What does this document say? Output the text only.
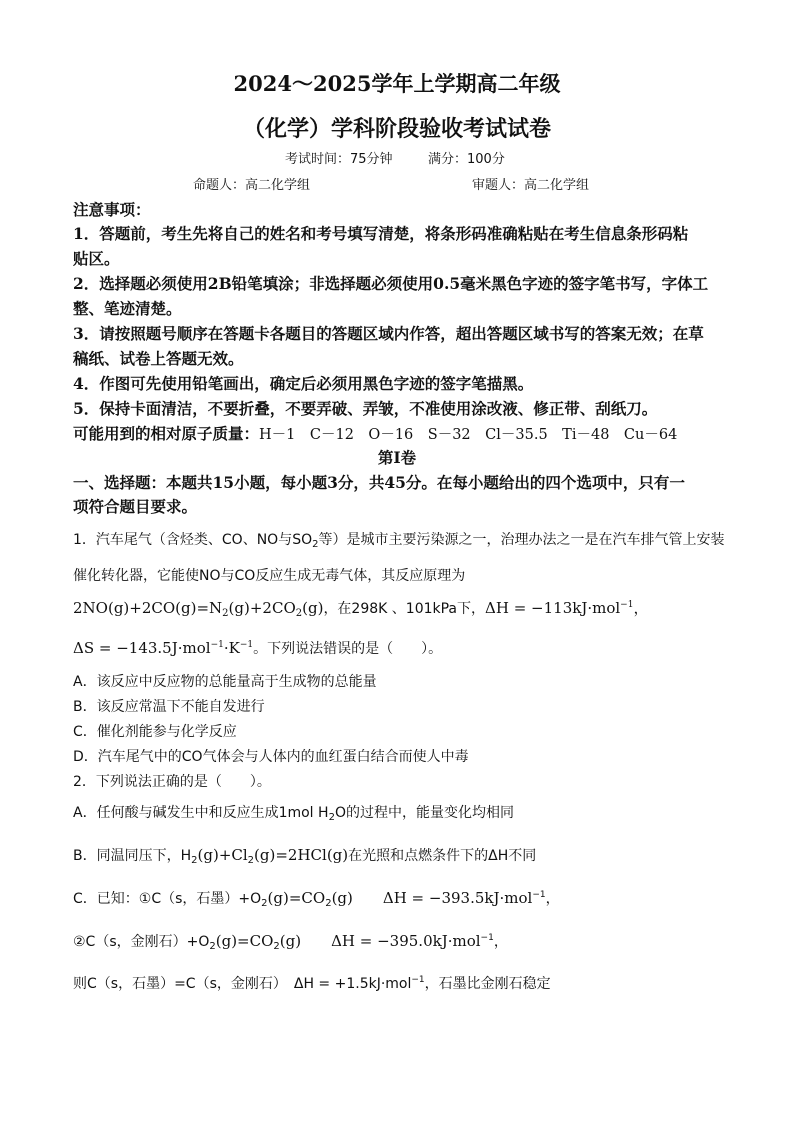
2024～2025学年上学期高二年级
（化学）学科阶段验收考试试卷
考试时间：75分钟	满分：100分
命题人：高二化学组	审题人：高二化学组
注意事项：
1．答题前，考生先将自己的姓名和考号填写清楚，将条形码准确粘贴在考生信息条形码粘
贴区。
2．选择题必须使用2B铅笔填涂；非选择题必须使用0.5毫米黑色字迹的签字笔书写，字体工
整、笔迹清楚。
3．请按照题号顺序在答题卡各题目的答题区域内作答，超出答题区域书写的答案无效；在草
稿纸、试卷上答题无效。
4．作图可先使用铅笔画出，确定后必须用黑色字迹的签字笔描黑。
5．保持卡面清洁，不要折叠，不要弄破、弄皱，不准使用涂改液、修正带、刮纸刀。
可能用到的相对原子质量：H－1　C－12　O－16　S－32　Cl－35.5　Ti－48　Cu－64
第Ⅰ卷
一、选择题：本题共15小题，每小题3分，共45分。在每小题给出的四个选项中，只有一
项符合题目要求。
1．汽车尾气（含烃类、CO、NO与$SO_2$等）是城市主要污染源之一，治理办法之一是在汽车排气管上安装
催化转化器，它能使NO与CO反应生成无毒气体，其反应原理为
$2NO(g)+2CO(g)=N_2(g)+2CO_2(g)$，在298K 、101kPa下，ΔH = −113kJ·mol$^{-1}$，
$\Delta S = -143.5J\cdot mol^{-1}\cdot K^{-1}$。下列说法错误的是（　　）。
A．该反应中反应物的总能量高于生成物的总能量
B．该反应常温下不能自发进行
C．催化剂能参与化学反应
D．汽车尾气中的CO气体会与人体内的血红蛋白结合而使人中毒
2．下列说法正确的是（　　）。
A．任何酸与碱发生中和反应生成1mol $H_2O$的过程中，能量变化均相同
B．同温同压下，$H_2(g)+Cl_2(g)=2HCl(g)$在光照和点燃条件下的ΔH不同
C．已知：①C（s，石墨）$+O_2(g)=CO_2(g)$　　ΔH = −393.5kJ·mol$^{-1}$，
②C（s，金刚石）$+O_2(g)=CO_2(g)$　　ΔH = −395.0kJ·mol$^{-1}$，
则C（s，石墨）=C（s，金刚石）　ΔH = +1.5kJ·mol$^{-1}$，石墨比金刚石稳定
